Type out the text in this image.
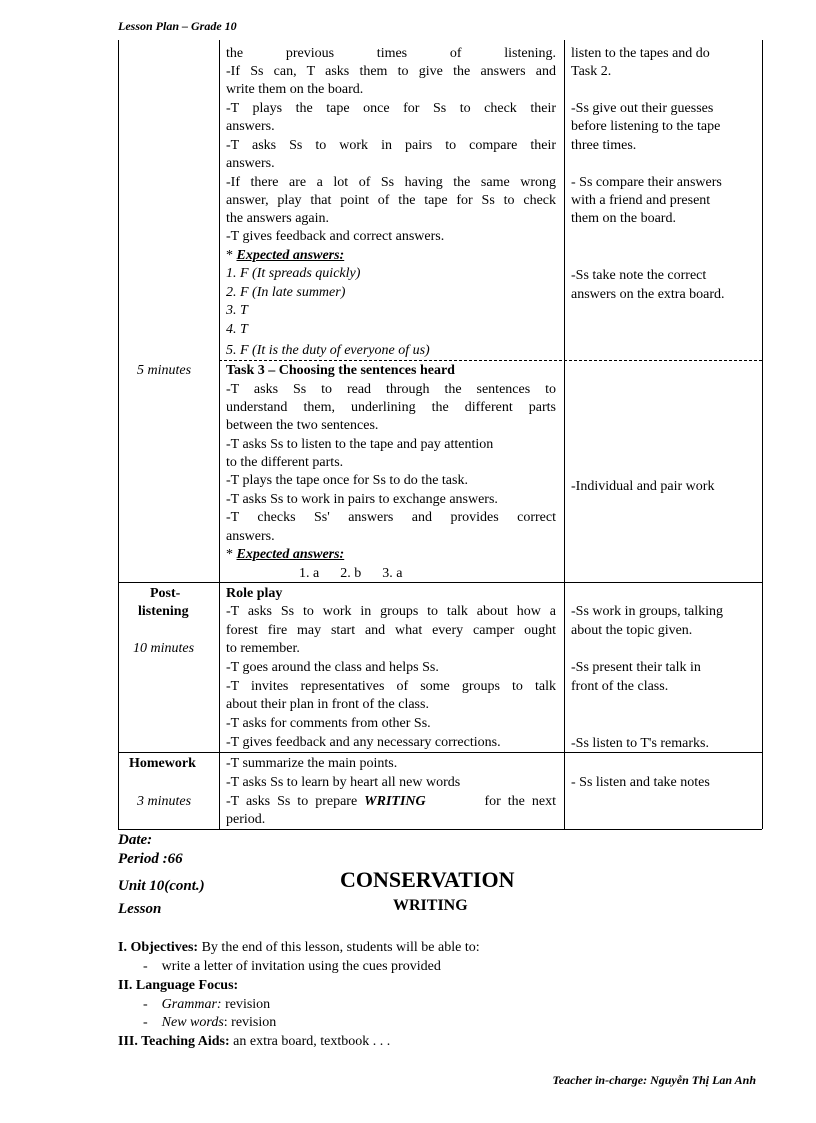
Lesson Plan – Grade 10
the previous times of listening.
-If Ss can, T asks them to give the answers and
write them on the board.
-T plays the tape once for Ss to check their
answers.
-T asks Ss to work in pairs to compare their
answers.
-If there are a lot of Ss having the same wrong
answer, play that point of the tape for Ss to check
the answers again.
-T gives feedback and correct answers.
* Expected answers:
1. F (It spreads quickly)
2. F (In late summer)
3. T
4. T
5. F (It is the duty of everyone of us)
listen to the tapes and do
Task 2.
-Ss give out their guesses
before listening to the tape
three times.
- Ss compare their answers
with a friend and present
them on the board.
-Ss take note the correct
answers on the extra board.
5 minutes Task 3 – Choosing the sentences heard
-T asks Ss to read through the sentences to
understand them, underlining the different parts
between the two sentences.
-T asks Ss to listen to the tape and pay attention
to the different parts.
-T plays the tape once for Ss to do the task.
-T asks Ss to work in pairs to exchange answers.
-T checks Ss' answers and provides correct
answers.
* Expected answers:
1. a      2. b      3. a
-Individual and pair work
Post-
listening
10 minutes
Role play
-T asks Ss to work in groups to talk about how a
forest fire may start and what every camper ought
to remember.
-T goes around the class and helps Ss.
-T invites representatives of some groups to talk
about their plan in front of the class.
-T asks for comments from other Ss.
-T gives feedback and any necessary corrections.
-Ss work in groups, talking
about the topic given.
-Ss present their talk in
front of the class.
-Ss listen to T's remarks.
Homework
3 minutes
-T summarize the main points.
-T asks Ss to learn by heart all new words
-T  asks  Ss  to  prepare  WRITING	for  the  next
period.
- Ss listen and take notes
Date:
Period :66
Unit 10(cont.)
Lesson
CONSERVATION
WRITING
I. Objectives: By the end of this lesson, students will be able to:
-    write a letter of invitation using the cues provided
II. Language Focus:
-    Grammar: revision
-    New words: revision
III. Teaching Aids: an extra board, textbook . . .
Teacher in-charge: Nguyễn Thị Lan Anh
